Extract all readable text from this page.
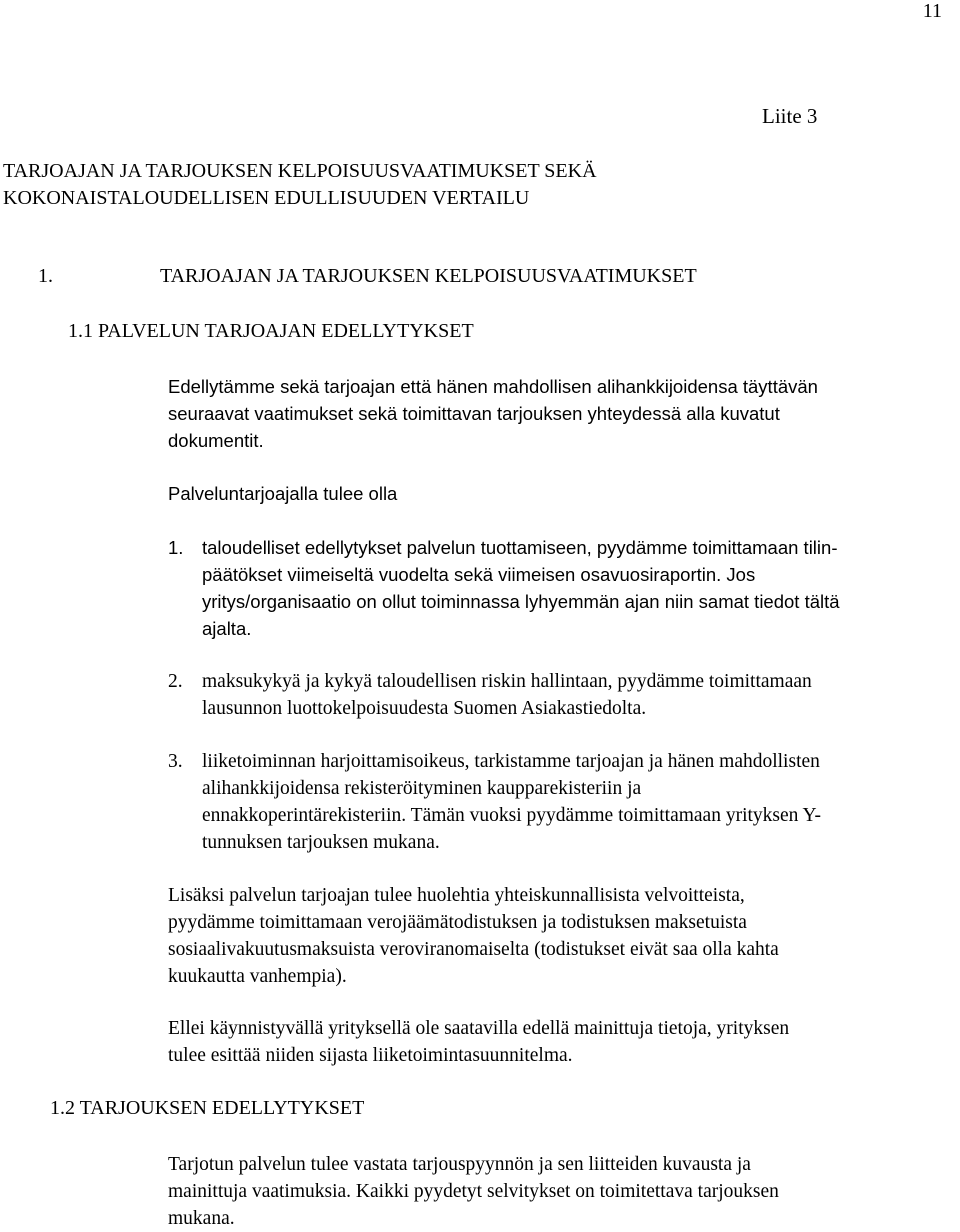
11
Liite 3
TARJOAJAN JA TARJOUKSEN KELPOISUUSVAATIMUKSET SEKÄ
KOKONAISTALOUDELLISEN EDULLISUUDEN VERTAILU
1.	TARJOAJAN JA TARJOUKSEN KELPOISUUSVAATIMUKSET
1.1 PALVELUN TARJOAJAN EDELLYTYKSET
Edellytämme sekä tarjoajan että hänen mahdollisen alihankkijoidensa täyttävän
seuraavat vaatimukset sekä toimittavan tarjouksen yhteydessä alla kuvatut
dokumentit.
Palveluntarjoajalla tulee olla
1.	taloudelliset edellytykset palvelun tuottamiseen, pyydämme toimittamaan tilin-
päätökset viimeiseltä vuodelta sekä viimeisen osavuosiraportin. Jos
yritys/organisaatio on ollut toiminnassa lyhyemmän ajan niin samat tiedot tältä
ajalta.
2. maksukykyä ja kykyä taloudellisen riskin hallintaan, pyydämme toimittamaan
lausunnon luottokelpoisuudesta Suomen Asiakastiedolta.
3. liiketoiminnan harjoittamisoikeus, tarkistamme tarjoajan ja hänen mahdollisten
alihankkijoidensa rekisteröityminen kaupparekisteriin ja
ennakkoperintärekisteriin. Tämän vuoksi pyydämme toimittamaan yrityksen Y-
tunnuksen tarjouksen mukana.
Lisäksi palvelun tarjoajan tulee huolehtia yhteiskunnallisista velvoitteista,
pyydämme toimittamaan verojäämätodistuksen ja todistuksen maksetuista
sosiaalivakuutusmaksuista veroviranomaiselta (todistukset eivät saa olla kahta
kuukautta vanhempia).
Ellei käynnistyvällä yrityksellä ole saatavilla edellä mainittuja tietoja, yrityksen
tulee esittää niiden sijasta liiketoimintasuunnitelma.
1.2 TARJOUKSEN EDELLYTYKSET
Tarjotun palvelun tulee vastata tarjouspyynnön ja sen liitteiden kuvausta ja
mainittuja vaatimuksia. Kaikki pyydetyt selvitykset on toimitettava tarjouksen
mukana.
